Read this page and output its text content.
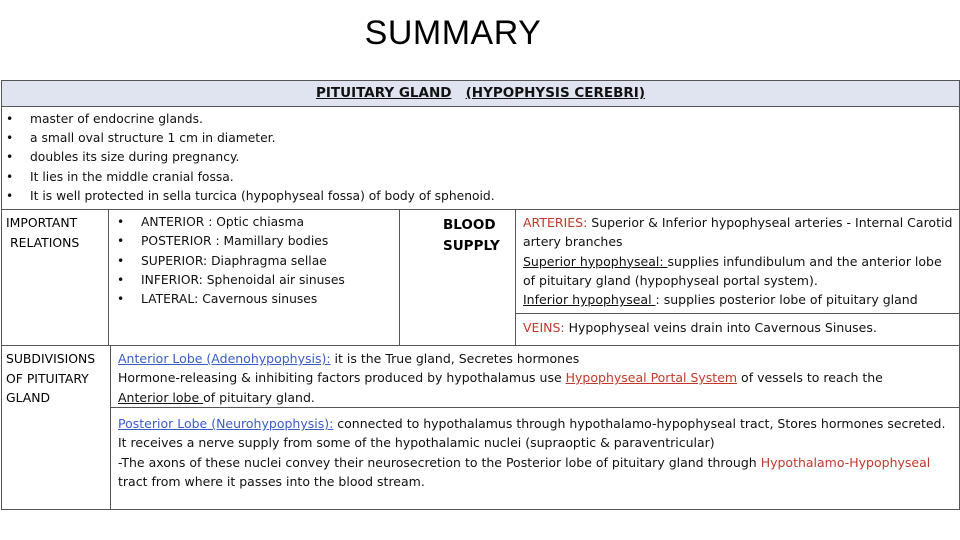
SUMMARY
PITUITARY GLAND (HYPOPHYSIS CEREBRI)
• master of endocrine glands.
• a small oval structure 1 cm in diameter.
• doubles its size during pregnancy.
• It lies in the middle cranial fossa.
• It is well protected in sella turcica (hypophyseal fossa) of body of sphenoid.
IMPORTANT
RELATIONS
• ANTERIOR : Optic chiasma
• POSTERIOR : Mamillary bodies
• SUPERIOR: Diaphragma sellae
• INFERIOR: Sphenoidal air sinuses
• LATERAL: Cavernous sinuses
BLOOD
SUPPLY
ARTERIES: Superior & Inferior hypophyseal arteries - Internal Carotid artery branches
Superior hypophyseal: supplies infundibulum and the anterior lobe of pituitary gland (hypophyseal portal system).
Inferior hypophyseal : supplies posterior lobe of pituitary gland
VEINS: Hypophyseal veins drain into Cavernous Sinuses.
SUBDIVISIONS
OF PITUITARY
GLAND
Anterior Lobe (Adenohypophysis): it is the True gland, Secretes hormones
Hormone-releasing & inhibiting factors produced by hypothalamus use Hypophyseal Portal System of vessels to reach the
Anterior lobe of pituitary gland.
Posterior Lobe (Neurohypophysis): connected to hypothalamus through hypothalamo-hypophyseal tract, Stores hormones secreted. It receives a nerve supply from some of the hypothalamic nuclei (supraoptic & paraventricular)
-The axons of these nuclei convey their neurosecretion to the Posterior lobe of pituitary gland through Hypothalamo-Hypophyseal tract from where it passes into the blood stream.
